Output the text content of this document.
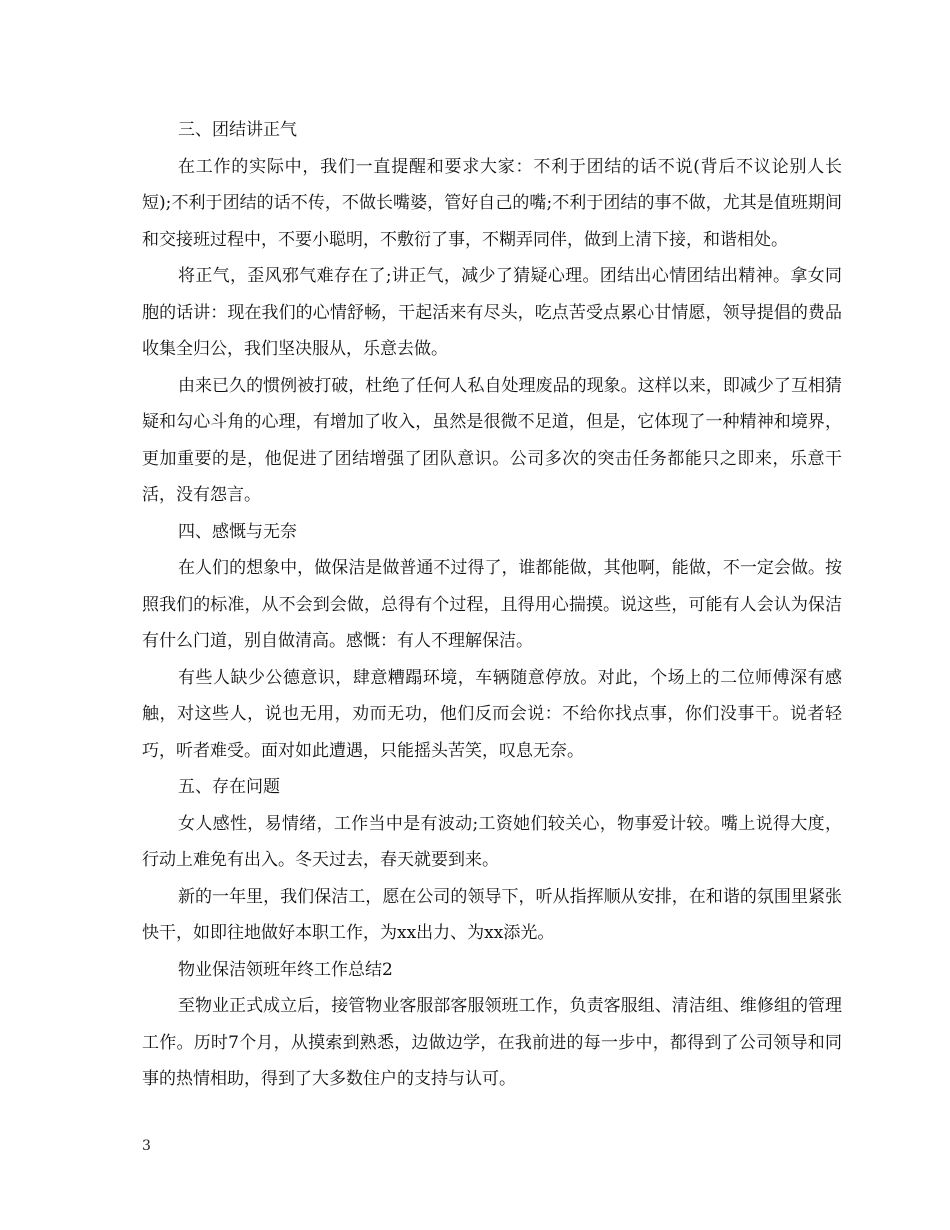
三、团结讲正气

在工作的实际中，我们一直提醒和要求大家：不利于团结的话不说(背后不议论别人长短);不利于团结的话不传，不做长嘴婆，管好自己的嘴;不利于团结的事不做，尤其是值班期间和交接班过程中，不要小聪明，不敷衍了事，不糊弄同伴，做到上清下接，和谐相处。

将正气，歪风邪气难存在了;讲正气，减少了猜疑心理。团结出心情团结出精神。拿女同胞的话讲：现在我们的心情舒畅，干起活来有尽头，吃点苦受点累心甘情愿，领导提倡的费品收集全归公，我们坚决服从，乐意去做。

由来已久的惯例被打破，杜绝了任何人私自处理废品的现象。这样以来，即减少了互相猜疑和勾心斗角的心理，有增加了收入，虽然是很微不足道，但是，它体现了一种精神和境界，更加重要的是，他促进了团结增强了团队意识。公司多次的突击任务都能只之即来，乐意干活，没有怨言。

四、感慨与无奈

在人们的想象中，做保洁是做普通不过得了，谁都能做，其他啊，能做，不一定会做。按照我们的标准，从不会到会做，总得有个过程，且得用心揣摸。说这些，可能有人会认为保洁有什么门道，别自做清高。感慨：有人不理解保洁。

有些人缺少公德意识，肆意糟蹋环境，车辆随意停放。对此，个场上的二位师傅深有感触，对这些人，说也无用，劝而无功，他们反而会说：不给你找点事，你们没事干。说者轻巧，听者难受。面对如此遭遇，只能摇头苦笑，叹息无奈。

五、存在问题

女人感性，易情绪，工作当中是有波动;工资她们较关心，物事爱计较。嘴上说得大度，行动上难免有出入。冬天过去，春天就要到来。

新的一年里，我们保洁工，愿在公司的领导下，听从指挥顺从安排，在和谐的氛围里紧张快干，如即往地做好本职工作，为xx出力、为xx添光。

物业保洁领班年终工作总结2

至物业正式成立后，接管物业客服部客服领班工作，负责客服组、清洁组、维修组的管理工作。历时7个月，从摸索到熟悉，边做边学，在我前进的每一步中，都得到了公司领导和同事的热情相助，得到了大多数住户的支持与认可。

3
